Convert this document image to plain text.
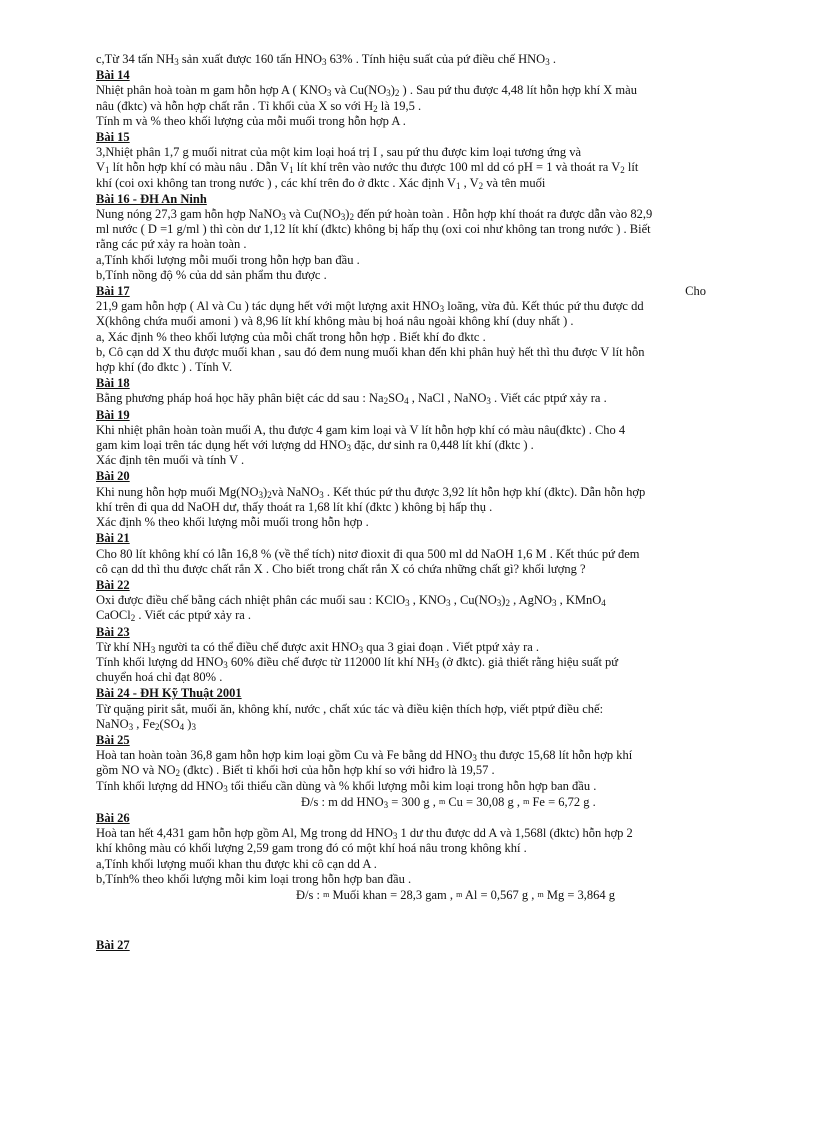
c,Từ 34 tấn $NH_3$ sản xuất được 160 tấn $HNO_3$ 63% . Tính hiệu suất của pứ điều chế $HNO_3$ .

Bài 14

Nhiệt phân hoà toàn m gam hỗn hợp A ( $KNO_3$ và $Cu(NO_3)_2$ ) . Sau pứ thu được 4,48 lít hỗn hợp khí X màu

nâu (đktc) và hỗn hợp chất rắn . Tỉ khối của X so với $H_2$ là 19,5 .

Tính m và % theo khối lượng của mỗi muối trong hỗn hợp A .

Bài 15

3,Nhiệt phân 1,7 g muối nitrat của một kim loại hoá trị I , sau pứ thu được kim loại tương ứng và

$V_1$ lít hỗn hợp khí có màu nâu . Dẫn $V_1$ lít khí trên vào nước thu được 100 ml dd có pH = 1 và thoát ra $V_2$ lít

khí (coi oxi không tan trong nước ) , các khí trên đo ở đktc . Xác định $V_1$ , $V_2$ và tên muối

Bài 16 - ĐH An Ninh

Nung nóng 27,3 gam hỗn hợp NaNO$_3$ và $Cu(NO_3)_2$ đến pứ hoàn toàn . Hỗn hợp khí thoát ra được dẫn vào 82,9

ml nước ( D =1 g/ml ) thì còn dư 1,12 lít khí (đktc) không bị hấp thụ (oxi coi như không tan trong nước ) . Biết

rằng các pứ xảy ra hoàn toàn .

a,Tính khối lượng mỗi muối trong hỗn hợp ban đầu .

b,Tính nồng độ % của dd sản phẩm thu được .

Bài 17	Cho

21,9 gam hỗn hợp ( Al và Cu ) tác dụng hết với một lượng axit $HNO_3$ loãng, vừa đủ. Kết thúc pứ thu được dd

X(không chứa muối amoni ) và 8,96 lít khí không màu bị hoá nâu ngoài không khí (duy nhất ) .

a, Xác định % theo khối lượng của mỗi chất trong hỗn hợp . Biết khí đo đktc .

b, Cô cạn dd X thu được muối khan , sau đó đem nung muối khan đến khi phân huỷ hết thì thu được V lít hỗn

hợp khí (đo đktc ) . Tính V.

Bài 18

Bằng phương pháp hoá học hãy phân biệt các dd sau : $Na_2SO_4$ , NaCl , NaNO$_3$ . Viết các ptpứ xảy ra .

Bài 19

Khi nhiệt phân hoàn toàn muối A, thu được 4 gam kim loại và V lít hỗn hợp khí có màu nâu(đktc) . Cho 4

gam kim loại trên tác dụng hết với lượng dd $HNO_3$ đặc, dư sinh ra 0,448 lít khí (đktc ) .

Xác định tên muối và tính V .

Bài 20

Khi nung hỗn hợp muối $Mg(NO_3)_2và$ NaNO$_3$ . Kết thúc pứ thu được 3,92 lít hỗn hợp khí (đktc). Dẫn hỗn hợp

khí trên đi qua dd NaOH dư, thấy thoát ra 1,68 lít khí (đktc ) không bị hấp thụ .

Xác định % theo khối lượng mỗi muối trong hỗn hợp .

Bài 21

Cho 80 lít không khí có lẫn 16,8 % (về thể tích) nitơ đioxit đi qua 500 ml dd NaOH 1,6 M . Kết thúc pứ đem

cô cạn dd thì thu được chất rắn X . Cho biết trong chất rắn X có chứa những chất gì? khối lượng ?

Bài 22

Oxi được điều chế bằng cách nhiệt phân các muối sau : KClO$_3$ , $KNO_3$ , $Cu(NO_3)_2$ , AgNO$_3$ , KMnO$_4$

CaOCl$_2$ . Viết các ptpứ xảy ra .

Bài 23

Từ khí $NH_3$ người ta có thể điều chế được axit $HNO_3$ qua 3 giai đoạn . Viết ptpứ xảy ra .

Tính khối lượng dd $HNO_3$ 60% điều chế được từ 112000 lít khí $NH_3$ (ở đktc). giả thiết rằng hiệu suất pứ

chuyển hoá chỉ đạt 80% .

Bài 24 - ĐH Kỹ Thuật 2001

Từ quặng pirit sắt, muối ăn, không khí, nước , chất xúc tác và điều kiện thích hợp, viết ptpứ điều chế:

NaNO$_3$ , $Fe_2(SO_4$ )$_3$

Bài 25

Hoà tan hoàn toàn 36,8 gam hỗn hợp kim loại gồm Cu và Fe bằng dd $HNO_3$ thu được 15,68 lít hỗn hợp khí

gồm NO và $NO_2$ (đktc) . Biết tỉ khối hơi của hỗn hợp khí so với hiđro là 19,57 .

Tính khối lượng dd $HNO_3$ tối thiểu cần dùng và % khối lượng mỗi kim loại trong hỗn hợp ban đầu .

Đ/s : m dd $HNO_3 = 300$ g , m Cu = 30,08 g , m Fe = 6,72 g .

Bài 26

Hoà tan hết 4,431 gam hỗn hợp gồm Al, Mg trong dd $HNO_3$ 1 dư thu được dd A và 1,568l (đktc) hỗn hợp 2

khí không màu có khối lượng 2,59 gam trong đó có một khí hoá nâu trong không khí .

a,Tính khối lượng muối khan thu được khi cô cạn dd A .

b,Tính% theo khối lượng mỗi kim loại trong hỗn hợp ban đầu .

Đ/s : m Muối khan = 28,3 gam , m Al = 0,567 g , m Mg = 3,864 g

Bài 27
